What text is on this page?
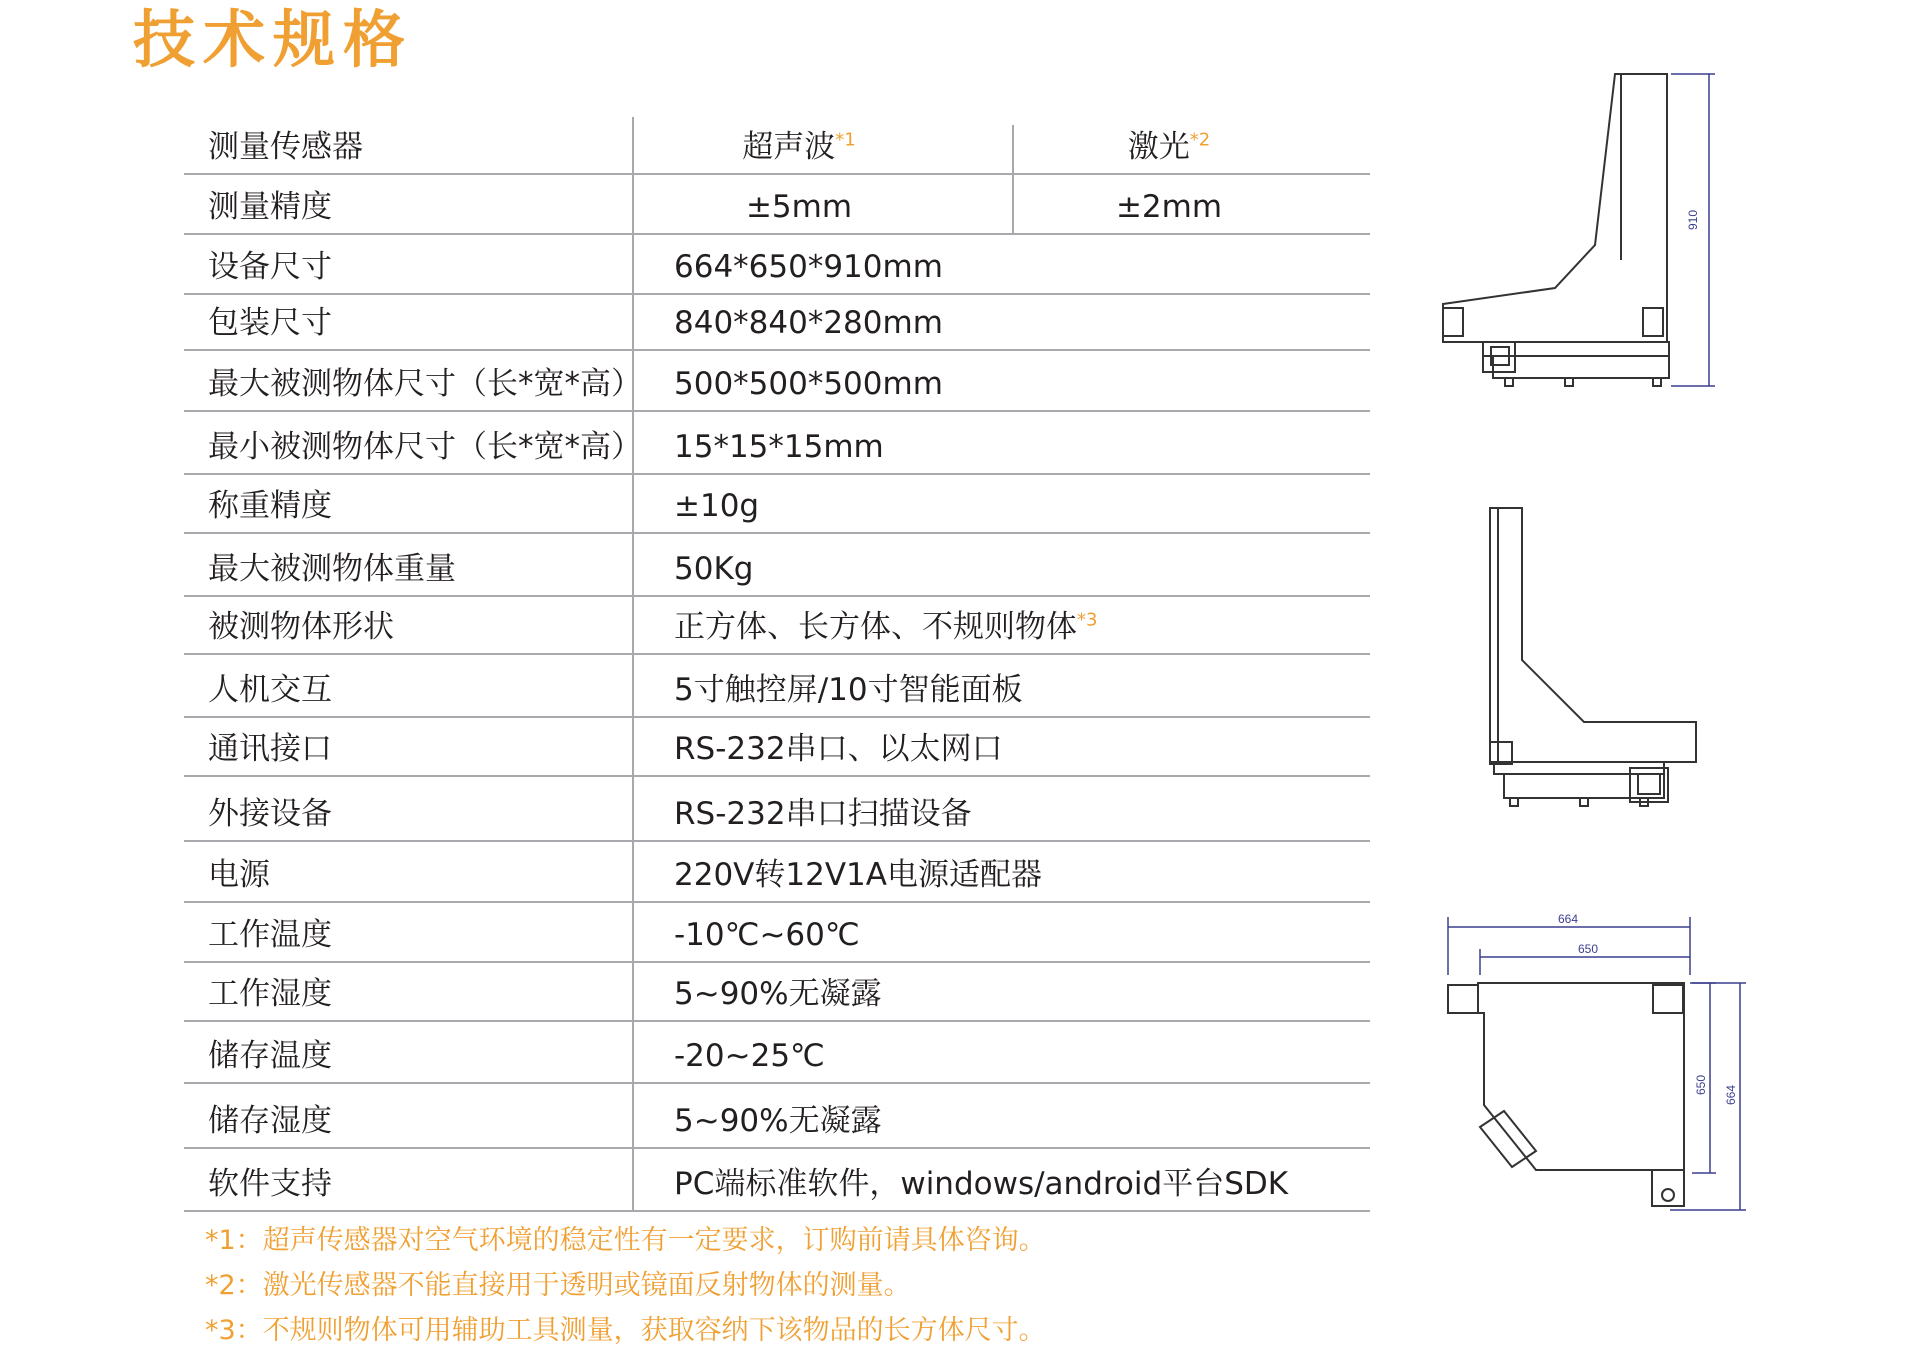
技术规格
测量传感器	超声波$^{*1}$	激光$^{*2}$
测量精度	±5mm	±2mm
设备尺寸	664*650*910mm
包装尺寸	840*840*280mm
最大被测物体尺寸（长*宽*高） 500*500*500mm
最小被测物体尺寸（长*宽*高） 15*15*15mm
称重精度	±10g
最大被测物体重量	50Kg
被测物体形状	正方体、长方体、不规则物体$^{*3}$
人机交互	5寸触控屏/10寸智能面板
通讯接口	RS-232串口、以太网口
外接设备	RS-232串口扫描设备
电源	220V转12V1A电源适配器
工作温度	-10℃~60℃
工作湿度	5~90%无凝露
储存温度	-20~25℃
储存湿度	5~90%无凝露
软件支持	PC端标准软件，windows/android平台SDK
*1：超声传感器对空气环境的稳定性有一定要求，订购前请具体咨询。
*2：激光传感器不能直接用于透明或镜面反射物体的测量。
*3：不规则物体可用辅助工具测量，获取容纳下该物品的长方体尺寸。
910
664
650
650 664
